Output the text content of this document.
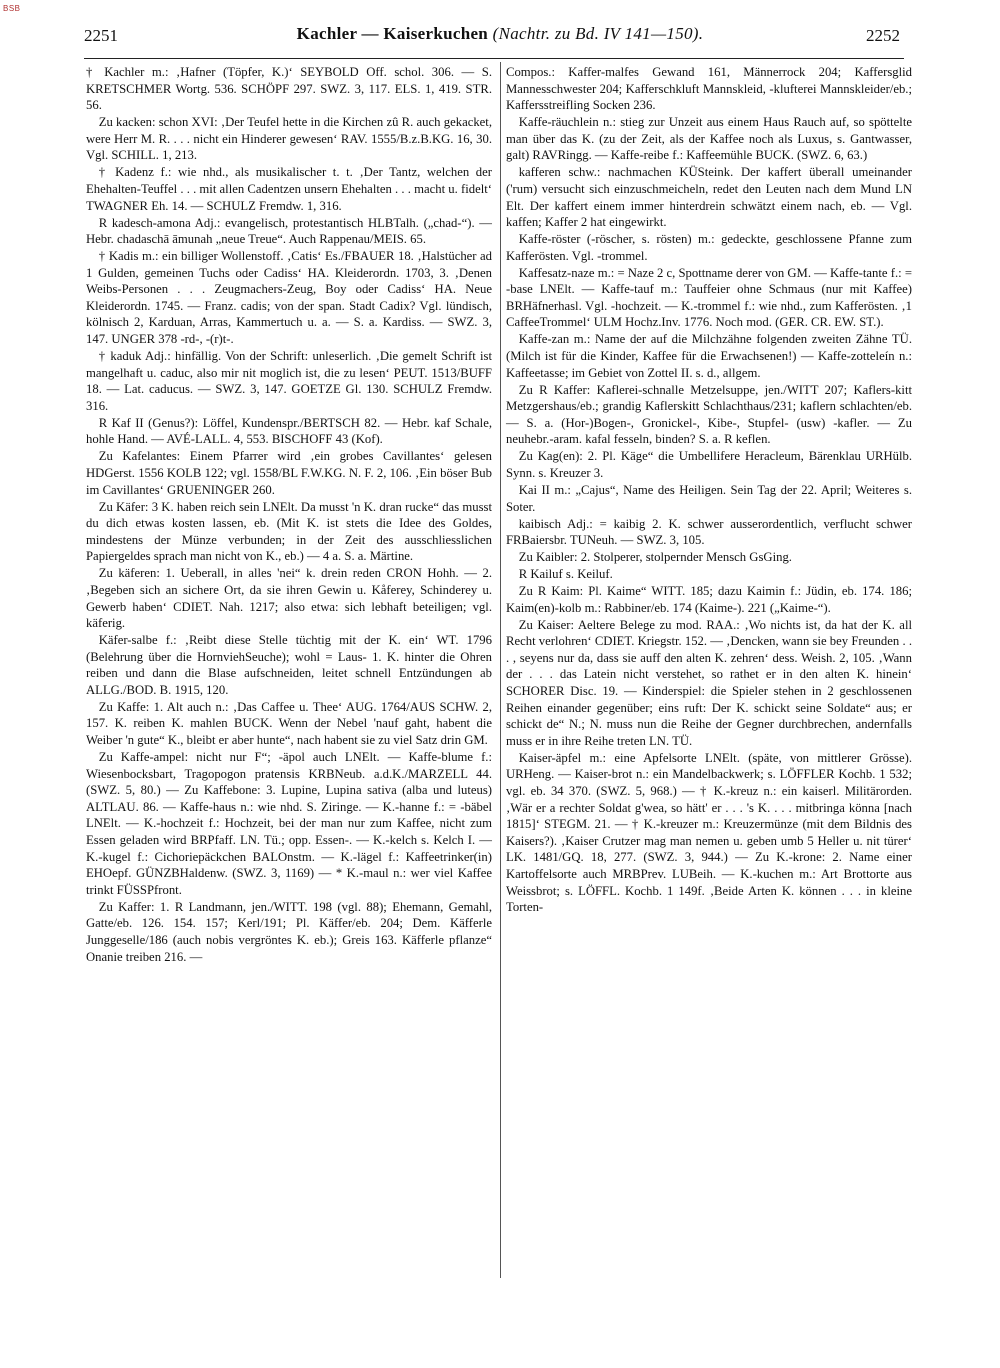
BSB
2251	Kachler — Kaiserkuchen (Nachtr. zu Bd. IV 141—150).	2252

† Kachler m.: ‚Hafner (Töpfer, K.)‘ SEYBOLD Off. schol. 306. — S. KRETSCHMER Wortg. 536. SCHÖPF 297. SWZ. 3, 117. ELS. 1, 419. STR. 56.

Zu kacken: schon XVI: ‚Der Teufel hette in die Kirchen zû R. auch gekacket, were Herr M. R. . . . nicht ein Hinderer gewesen‘ RAV. 1555/B.z.B.KG. 16, 30. Vgl. SCHILL. 1, 213.

† Kadenz f.: wie nhd., als musikalischer t. t. ‚Der Tantz, welchen der Ehehalten-Teuffel . . . mit allen Cadentzen unsern Ehehalten . . . macht u. fidelt‘ TWAGNER Eh. 14. — SCHULZ Fremdw. 1, 316.

R kadesch-amona Adj.: evangelisch, protestantisch HLBTalh. („chad-“). — Hebr. chadaschā āmunah „neue Treue“. Auch Rappenau/MEIS. 65.

† Kadis m.: ein billiger Wollenstoff. ‚Catis‘ Es./FBAUER 18. ‚Halstücher ad 1 Gulden, gemeinen Tuchs oder Cadiss‘ HA. Kleiderordn. 1703, 3. ‚Denen Weibs-Personen . . . Zeugmachers-Zeug, Boy oder Cadiss‘ HA. Neue Kleiderordn. 1745. — Franz. cadis; von der span. Stadt Cadix? Vgl. lündisch, kölnisch 2, Karduan, Arras, Kammertuch u. a. — S. a. Kardiss. — SWZ. 3, 147. UNGER 378 -rd-, -(r)t-.

† kaduk Adj.: hinfällig. Von der Schrift: unleserlich. ‚Die gemelt Schrift ist mangelhaft u. caduc, also mir nit moglich ist, die zu lesen‘ PEUT. 1513/BUFF 18. — Lat. caducus. — SWZ. 3, 147. GOETZE Gl. 130. SCHULZ Fremdw. 316.

R Kaf II (Genus?): Löffel, Kundenspr./BERTSCH 82. — Hebr. kaf Schale, hohle Hand. — AVÉ-LALL. 4, 553. BISCHOFF 43 (Kof).

Zu Kafelantes: Einem Pfarrer wird ‚ein grobes Cavillantes‘ gelesen HDGerst. 1556 KOLB 122; vgl. 1558/BL F.W.KG. N. F. 2, 106. ‚Ein böser Bub im Cavillantes‘ GRUENINGER 260.

Zu Käfer: 3 K. haben reich sein LNElt. Da musst 'n K. dran rucke“ das musst du dich etwas kosten lassen, eb. (Mit K. ist stets die Idee des Goldes, mindestens der Münze verbunden; in der Zeit des ausschliesslichen Papiergeldes sprach man nicht von K., eb.) — 4 a. S. a. Märtine.

Zu käferen: 1. Ueberall, in alles 'nei“ k. drein reden CRON Hohh. — 2. ‚Begeben sich an sichere Ort, da sie ihren Gewin u. Kåferey, Schinderey u. Gewerb haben‘ CDIET. Nah. 1217; also etwa: sich lebhaft beteiligen; vgl. käferig.

Käfer-salbe f.: ‚Reibt diese Stelle tüchtig mit der K. ein‘ WT. 1796 (Belehrung über die HornviehSeuche); wohl = Laus- 1. K. hinter die Ohren reiben und dann die Blase aufschneiden, leitet schnell Entzündungen ab ALLG./BOD. B. 1915, 120.

Zu Kaffe: 1. Alt auch n.: ‚Das Caffee u. Thee‘ AUG. 1764/AUS SCHW. 2, 157. K. reiben K. mahlen BUCK. Wenn der Nebel 'nauf gaht, habent die Weiber 'n gute“ K., bleibt er aber hunte“, nach habent sie zu viel Satz drin GM.

Zu Kaffe-ampel: nicht nur F“; -äpol auch LNElt. — Kaffe-blume f.: Wiesenbocksbart, Tragopogon pratensis KRBNeub. a.d.K./MARZELL 44. (SWZ. 5, 80.) — Zu Kaffebone: 3. Lupine, Lupina sativa (alba und luteus) ALTLAU. 86. — Kaffe-haus n.: wie nhd. S. Ziringe. — K.-hanne f.: = -bäbel LNElt. — K.-hochzeit f.: Hochzeit, bei der man nur zum Kaffee, nicht zum Essen geladen wird BRPfaff. LN. Tü.; opp. Essen-. — K.-kelch s. Kelch I. — K.-kugel f.: Cichoriepäckchen BALOnstm. — K.-lägel f.: Kaffeetrinker(in) EHOepf. GÜNZBHaldenw. (SWZ. 3, 1169) — * K.-maul n.: wer viel Kaffee trinkt FÜSSPfront.

Zu Kaffer: 1. R Landmann, jen./WITT. 198 (vgl. 88); Ehemann, Gemahl, Gatte/eb. 126. 154. 157; Kerl/191; Pl. Käffer/eb. 204; Dem. Käfferle Junggeselle/186 (auch nobis vergröntes K. eb.); Greis 163. Käfferle pflanze“ Onanie treiben 216. —

Compos.: Kaffer-malfes Gewand 161, Männerrock 204; Kaffersglid Mannesschwester 204; Kafferschkluft Mannskleid, -klufterei Mannskleider/eb.; Kaffersstreifling Socken 236.

Kaffe-räuchlein n.: stieg zur Unzeit aus einem Haus Rauch auf, so spöttelte man über das K. (zu der Zeit, als der Kaffee noch als Luxus, s. Gantwasser, galt) RAVRingg. — Kaffe-reibe f.: Kaffeemühle BUCK. (SWZ. 6, 63.)

kafferen schw.: nachmachen KÜSteink. Der kaffert überall umeinander ('rum) versucht sich einzuschmeicheln, redet den Leuten nach dem Mund LN Elt. Der kaffert einem immer hinterdrein schwätzt einem nach, eb. — Vgl. kaffen; Kaffer 2 hat eingewirkt.

Kaffe-röster (-röscher, s. rösten) m.: gedeckte, geschlossene Pfanne zum Kafferösten. Vgl. -trommel.

Kaffesatz-naze m.: = Naze 2 c, Spottname derer von GM. — Kaffe-tante f.: = -base LNElt. — Kaffe-tauf m.: Tauffeier ohne Schmaus (nur mit Kaffee) BRHäfnerhasl. Vgl. -hochzeit. — K.-trommel f.: wie nhd., zum Kafferösten. ‚1 CaffeeTrommel‘ ULM Hochz.Inv. 1776. Noch mod. (GER. CR. EW. ST.).

Kaffe-zan m.: Name der auf die Milchzähne folgenden zweiten Zähne TÜ. (Milch ist für die Kinder, Kaffee für die Erwachsenen!) — Kaffe-zotteleín n.: Kaffeetasse; im Gebiet von Zottel II. s. d., allgem.

Zu R Kaffer: Kaflerei-schnalle Metzelsuppe, jen./WITT 207; Kaflers-kitt Metzgershaus/eb.; grandig Kaflerskitt Schlachthaus/231; kaflern schlachten/eb. — S. a. (Hor-)Bogen-, Gronickel-, Kibe-, Stupfel- (usw) -kafler. — Zu neuhebr.-aram. kafal fesseln, binden? S. a. R keflen.

Zu Kag(en): 2. Pl. Käge“ die Umbellifere Heracleum, Bärenklau URHülb. Synn. s. Kreuzer 3.

Kai II m.: „Cajus“, Name des Heiligen. Sein Tag der 22. April; Weiteres s. Soter.

kaibisch Adj.: = kaibig 2. K. schwer ausserordentlich, verflucht schwer FRBaiersbr. TUNeuh. — SWZ. 3, 105.

Zu Kaibler: 2. Stolperer, stolpernder Mensch GsGing.

R Kailuf s. Keiluf.

Zu R Kaim: Pl. Kaime“ WITT. 185; dazu Kaimin f.: Jüdin, eb. 174. 186; Kaim(en)-kolb m.: Rabbiner/eb. 174 (Kaime-). 221 („Kaime-“).

Zu Kaiser: Aeltere Belege zu mod. RAA.: ‚Wo nichts ist, da hat der K. all Recht verlohren‘ CDIET. Kriegstr. 152. — ‚Dencken, wann sie bey Freunden . . . , seyens nur da, dass sie auff den alten K. zehren‘ dess. Weish. 2, 105. ‚Wann der . . . das Latein nicht verstehet, so rathet er in den alten K. hinein‘ SCHORER Disc. 19. — Kinderspiel: die Spieler stehen in 2 geschlossenen Reihen einander gegenüber; eins ruft: Der K. schickt seine Soldate“ aus; er schickt de“ N.; N. muss nun die Reihe der Gegner durchbrechen, andernfalls muss er in ihre Reihe treten LN. TÜ.

Kaiser-äpfel m.: eine Apfelsorte LNElt. (späte, von mittlerer Grösse). URHeng. — Kaiser-brot n.: ein Mandelbackwerk; s. LÖFFLER Kochb. 1 532; vgl. eb. 34 370. (SWZ. 5, 968.) — † K.-kreuz n.: ein kaiserl. Militärorden. ‚Wär er a rechter Soldat g'wea, so hätt' er . . . 's K. . . . mitbringa könna [nach 1815]‘ STEGM. 21. — † K.-kreuzer m.: Kreuzermünze (mit dem Bildnis des Kaisers?). ‚Kaiser Crutzer mag man nemen u. geben umb 5 Heller u. nit türer‘ LK. 1481/GQ. 18, 277. (SWZ. 3, 944.) — Zu K.-krone: 2. Name einer Kartoffelsorte auch MRBPrev. LUBeih. — K.-kuchen m.: Art Brottorte aus Weissbrot; s. LÖFFL. Kochb. 1 149f. ‚Beide Arten K. können . . . in kleine Torten-
